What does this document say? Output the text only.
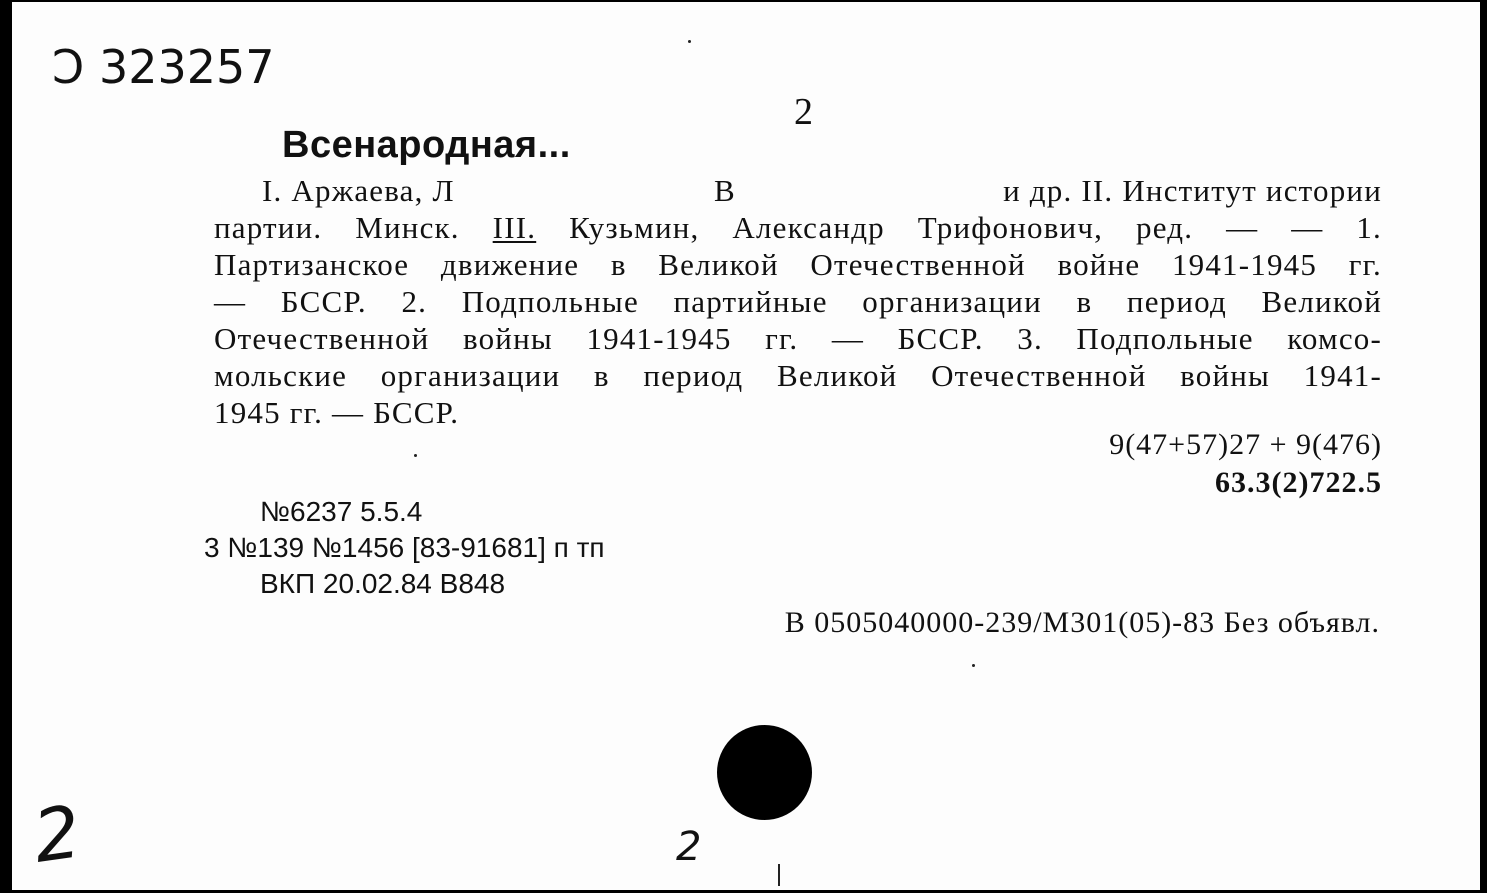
Ɔ 323257
2
Всенародная...
I. Аржаева, Л	В	и др. II. Институт истории
партии. Минск. III. Кузьмин, Александр Трифонович, ред. — — 1.
Партизанское движение в Великой Отечественной войне 1941-1945 гг.
— БССР. 2. Подпольные партийные организации в период Великой
Отечественной войны 1941-1945 гг. — БССР. 3. Подпольные комсо-
мольские организации в период Великой Отечественной войны 1941-
1945 гг. — БССР.
9(47+57)27 + 9(476)
63.3(2)722.5
№6237 5.5.4
3 №139 №1456 [83-91681] п тп
ВКП 20.02.84 В848
В 0505040000-239/М301(05)-83 Без объявл.
2	2
